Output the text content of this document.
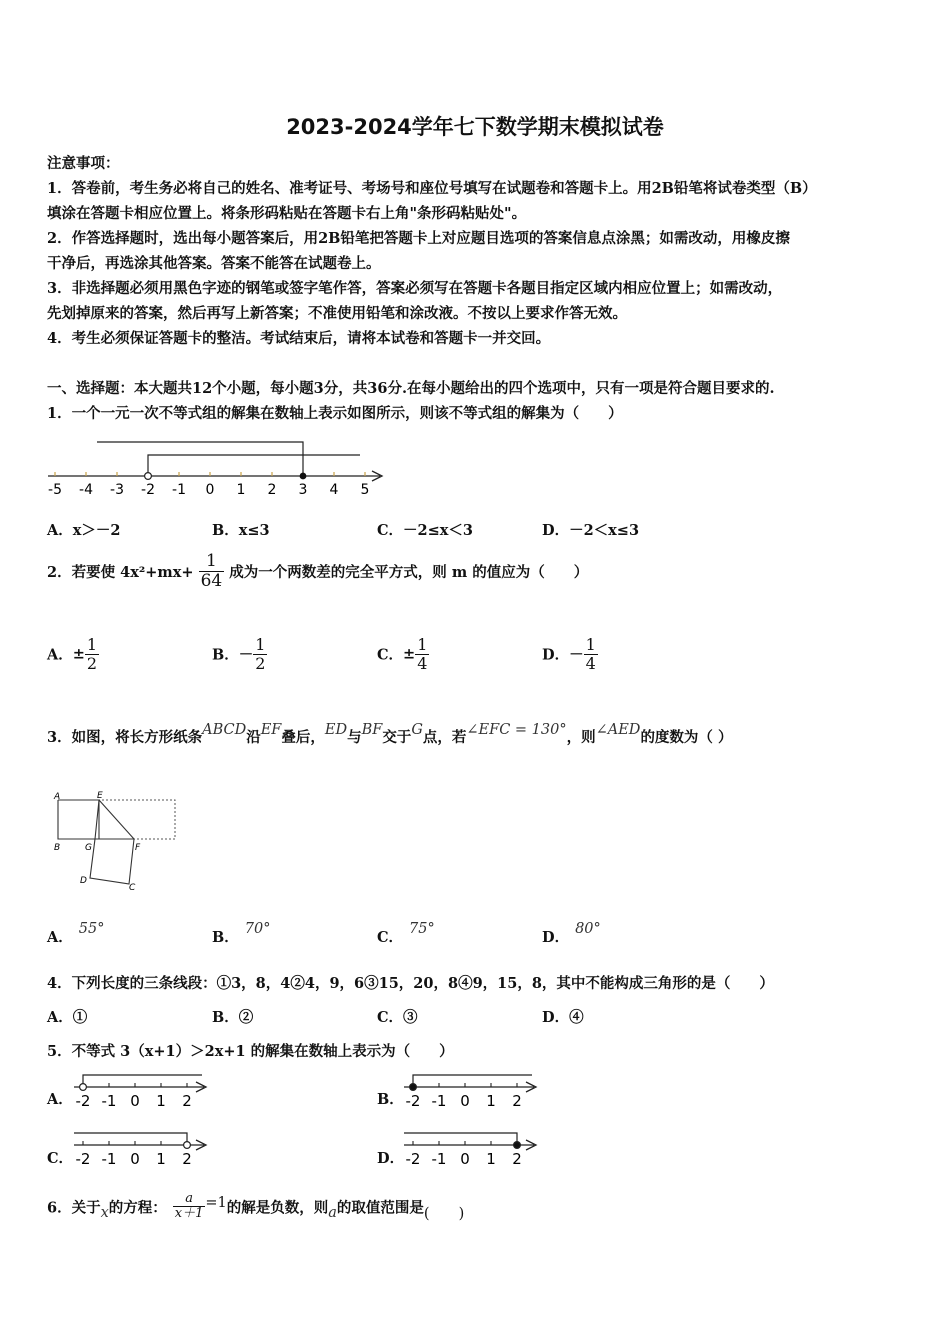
2023-2024学年七下数学期末模拟试卷
注意事项：
1．答卷前，考生务必将自己的姓名、准考证号、考场号和座位号填写在试题卷和答题卡上。用2B铅笔将试卷类型（B）
填涂在答题卡相应位置上。将条形码粘贴在答题卡右上角"条形码粘贴处"。
2．作答选择题时，选出每小题答案后，用2B铅笔把答题卡上对应题目选项的答案信息点涂黑；如需改动，用橡皮擦
干净后，再选涂其他答案。答案不能答在试题卷上。
3．非选择题必须用黑色字迹的钢笔或签字笔作答，答案必须写在答题卡各题目指定区域内相应位置上；如需改动，
先划掉原来的答案，然后再写上新答案；不准使用铅笔和涂改液。不按以上要求作答无效。
4．考生必须保证答题卡的整洁。考试结束后，请将本试卷和答题卡一并交回。
一、选择题：本大题共12个小题，每小题3分，共36分.在每小题给出的四个选项中，只有一项是符合题目要求的.
1．一个一元一次不等式组的解集在数轴上表示如图所示，则该不等式组的解集为（　　）
-5 -4 -3 -2 -1 0 1 2 3 4 5
A．x＞－2	B．x≤3	C．－2≤x＜3	D．－2＜x≤3
2．若要使 $4x^2+mx+ \frac{1}{64}$ 成为一个两数差的完全平方式，则 m 的值应为（　　）
A．± $\frac{1}{2}$	B．－ $\frac{1}{2}$	C．± $\frac{1}{4}$	D．－ $\frac{1}{4}$
3．如图，将长方形纸条ABCD沿EF叠后，ED与BF交于G点，若∠EFC = 130°，则∠AED的度数为（ ）
A	E
B	G	F
D
C
A． 55°	B． 70°	C． 75°	D． 80°
4．下列长度的三条线段：①3，8，4②4，9，6③15，20，8④9，15，8，其中不能构成三角形的是（　　）
A．①	B．②	C．③	D．④
5．不等式 3（x+1）＞2x+1 的解集在数轴上表示为（　　）
A．	B．
C．	D．
-2 -1 0 1 2	-2 -1 0 1 2
-2 -1 0 1 2	-2 -1 0 1 2
6．关于x的方程： $\frac{a}{x+1} =1$的解是负数，则a的取值范围是(　　)
